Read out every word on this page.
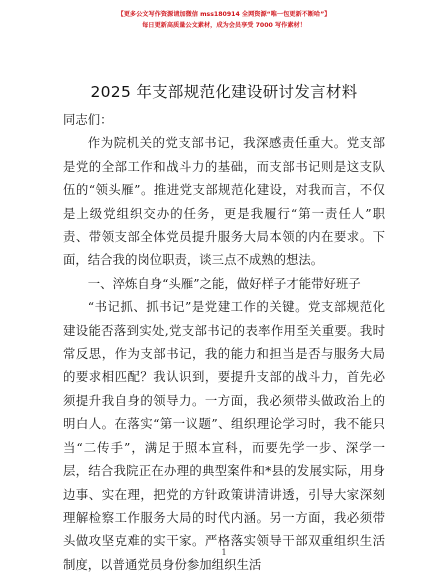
【更多公文写作资源请加微信 mss180914 全网资源“唯一包更新不断哈”】
每日更新高质量公文素材，成为会员享受 7000 写作素材！
2025 年支部规范化建设研讨发言材料

同志们：

作为院机关的党支部书记，我深感责任重大。党支部是党的全部工作和战斗力的基础，而支部书记则是这支队伍的“领头雁”。推进党支部规范化建设，对我而言，不仅是上级党组织交办的任务，更是我履行“第一责任人”职责、带领支部全体党员提升服务大局本领的内在要求。下面，结合我的岗位职责，谈三点不成熟的想法。

一、淬炼自身“头雁”之能，做好样子才能带好班子

“书记抓、抓书记”是党建工作的关键。党支部规范化建设能否落到实处,党支部书记的表率作用至关重要。我时常反思，作为支部书记，我的能力和担当是否与服务大局的要求相匹配？我认识到，要提升支部的战斗力，首先必须提升我自身的领导力。一方面，我必须带头做政治上的明白人。在落实“第一议题”、组织理论学习时，我不能只当“二传手”，满足于照本宣科，而要先学一步、深学一层，结合我院正在办理的典型案件和*县的发展实际，用身边事、实在理，把党的方针政策讲清讲透，引导大家深刻理解检察工作服务大局的时代内涵。另一方面，我必须带头做攻坚克难的实干家。严格落实领导干部双重组织生活制度，以普通党员身份参加组织生活

1
